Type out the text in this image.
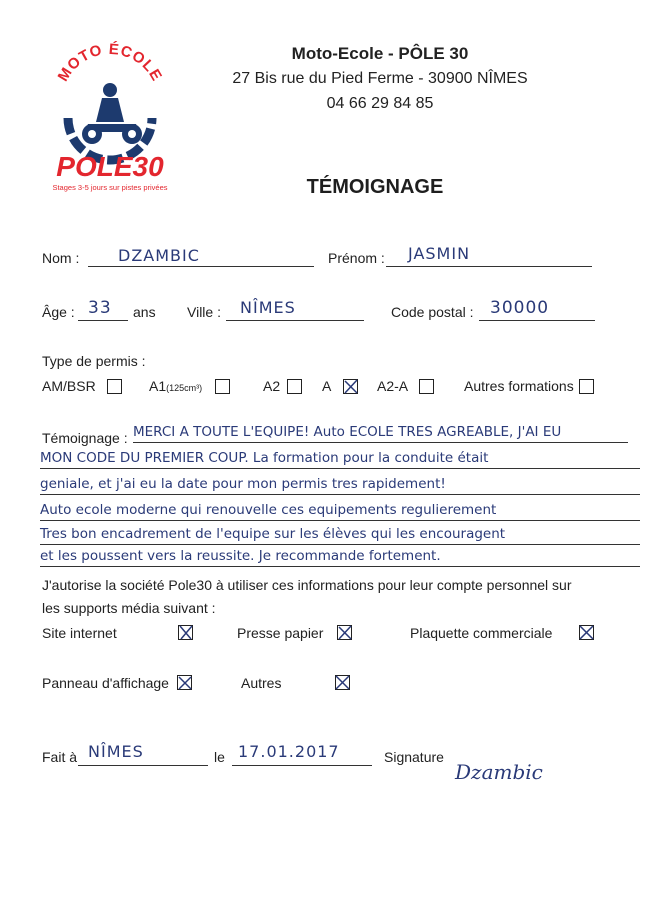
MOTO ÉCOLE
POLE30
Stages 3-5 jours sur pistes privées
Moto-Ecole - PÔLE 30
27 Bis rue du Pied Ferme - 30900 NÎMES
04 66 29 84 85
TÉMOIGNAGE
Nom : DZAMBIC	Prénom : JASMIN
Âge : 33 ans Ville : NÎMES	Code postal : 30000
Type de permis :
AM/BSR	A1(125cm³)	A2	A	A2-A	Autres formations
Témoignage : MERCI A TOUTE L'EQUIPE! Auto ECOLE TRES AGREABLE, J'AI EU
MON CODE DU PREMIER COUP. La formation pour la conduite était
geniale, et j'ai eu la date pour mon permis tres rapidement!
Auto ecole moderne qui renouvelle ces equipements regulierement
Tres bon encadrement de l'equipe sur les élèves qui les encouragent
et les poussent vers la reussite. Je recommande fortement.
J'autorise la société Pole30 à utiliser ces informations pour leur compte personnel sur
les supports média suivant :
Site internet	Presse papier	Plaquette commerciale
Panneau d'affichage	Autres
Fait à NÎMES	le 17.01.2017	Signature
Dzambic
